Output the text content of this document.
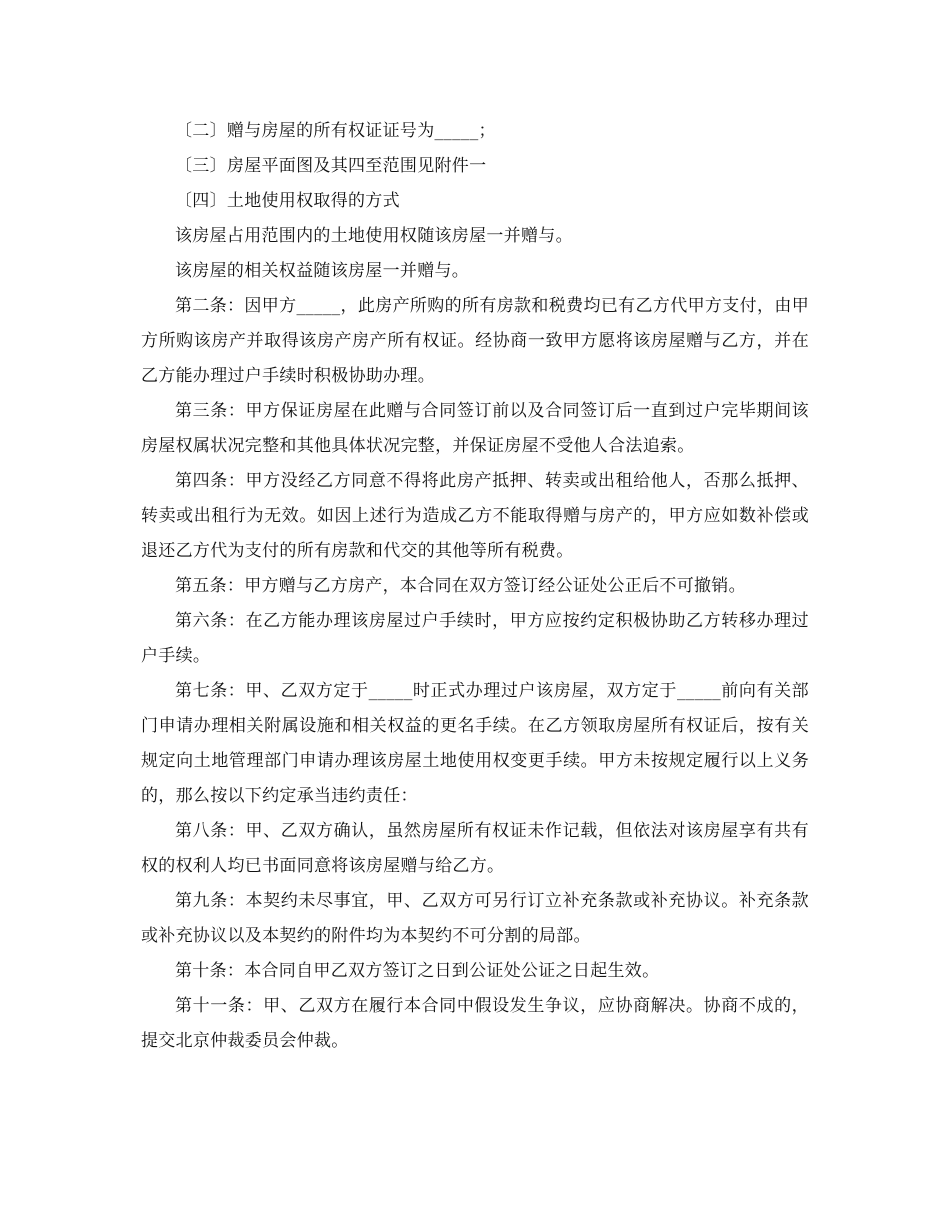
〔二〕赠与房屋的所有权证证号为_____；

〔三〕房屋平面图及其四至范围见附件一

〔四〕土地使用权取得的方式

该房屋占用范围内的土地使用权随该房屋一并赠与。

该房屋的相关权益随该房屋一并赠与。

第二条：因甲方_____，此房产所购的所有房款和税费均已有乙方代甲方支付，由甲方所购该房产并取得该房产房产所有权证。经协商一致甲方愿将该房屋赠与乙方，并在乙方能办理过户手续时积极协助办理。

第三条：甲方保证房屋在此赠与合同签订前以及合同签订后一直到过户完毕期间该房屋权属状况完整和其他具体状况完整，并保证房屋不受他人合法追索。

第四条：甲方没经乙方同意不得将此房产抵押、转卖或出租给他人，否那么抵押、转卖或出租行为无效。如因上述行为造成乙方不能取得赠与房产的，甲方应如数补偿或退还乙方代为支付的所有房款和代交的其他等所有税费。

第五条：甲方赠与乙方房产，本合同在双方签订经公证处公正后不可撤销。

第六条：在乙方能办理该房屋过户手续时，甲方应按约定积极协助乙方转移办理过户手续。

第七条：甲、乙双方定于_____时正式办理过户该房屋，双方定于_____前向有关部门申请办理相关附属设施和相关权益的更名手续。在乙方领取房屋所有权证后，按有关规定向土地管理部门申请办理该房屋土地使用权变更手续。甲方未按规定履行以上义务的，那么按以下约定承当违约责任：

第八条：甲、乙双方确认，虽然房屋所有权证未作记载，但依法对该房屋享有共有权的权利人均已书面同意将该房屋赠与给乙方。

第九条：本契约未尽事宜，甲、乙双方可另行订立补充条款或补充协议。补充条款或补充协议以及本契约的附件均为本契约不可分割的局部。

第十条：本合同自甲乙双方签订之日到公证处公证之日起生效。

第十一条：甲、乙双方在履行本合同中假设发生争议，应协商解决。协商不成的，提交北京仲裁委员会仲裁。
